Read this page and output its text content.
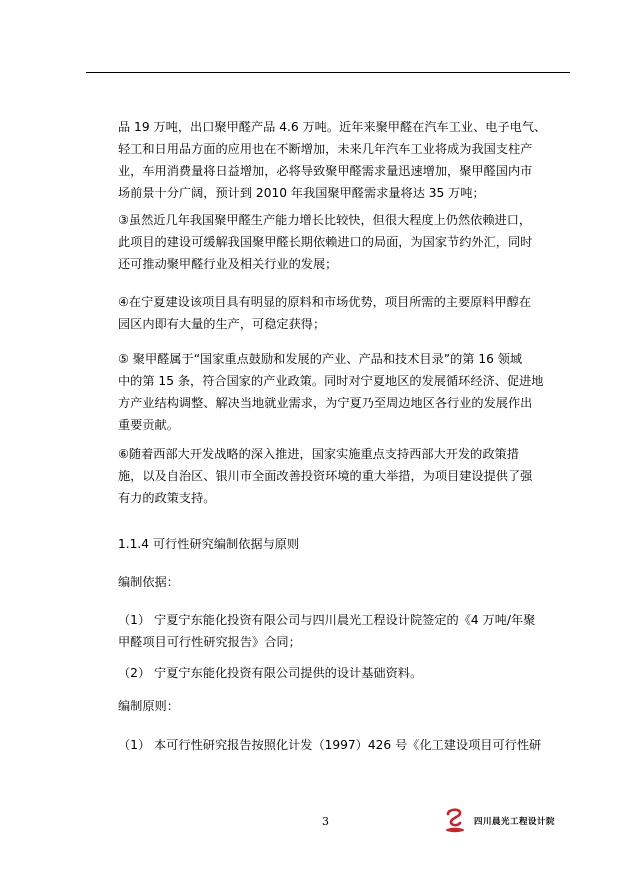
品 19 万吨，出口聚甲醛产品 4.6 万吨。近年来聚甲醛在汽车工业、电子电气、
轻工和日用品方面的应用也在不断增加，未来几年汽车工业将成为我国支柱产
业，车用消费量将日益增加，必将导致聚甲醛需求量迅速增加，聚甲醛国内市
场前景十分广阔，预计到 2010 年我国聚甲醛需求量将达 35 万吨；
③虽然近几年我国聚甲醛生产能力增长比较快，但很大程度上仍然依赖进口，
此项目的建设可缓解我国聚甲醛长期依赖进口的局面，为国家节约外汇，同时
还可推动聚甲醛行业及相关行业的发展；
④在宁夏建设该项目具有明显的原料和市场优势，项目所需的主要原料甲醇在
园区内即有大量的生产，可稳定获得；
⑤ 聚甲醛属于“国家重点鼓励和发展的产业、产品和技术目录”的第 16 领域
中的第 15 条，符合国家的产业政策。同时对宁夏地区的发展循环经济、促进地
方产业结构调整、解决当地就业需求，为宁夏乃至周边地区各行业的发展作出
重要贡献。
⑥随着西部大开发战略的深入推进，国家实施重点支持西部大开发的政策措
施，以及自治区、银川市全面改善投资环境的重大举措，为项目建设提供了强
有力的政策支持。
1.1.4 可行性研究编制依据与原则
编制依据：
（1） 宁夏宁东能化投资有限公司与四川晨光工程设计院签定的《4 万吨/年聚
甲醛项目可行性研究报告》合同；
（2） 宁夏宁东能化投资有限公司提供的设计基础资料。
编制原则：
（1） 本可行性研究报告按照化计发（1997）426 号《化工建设项目可行性研
3	四川晨光工程设计院
